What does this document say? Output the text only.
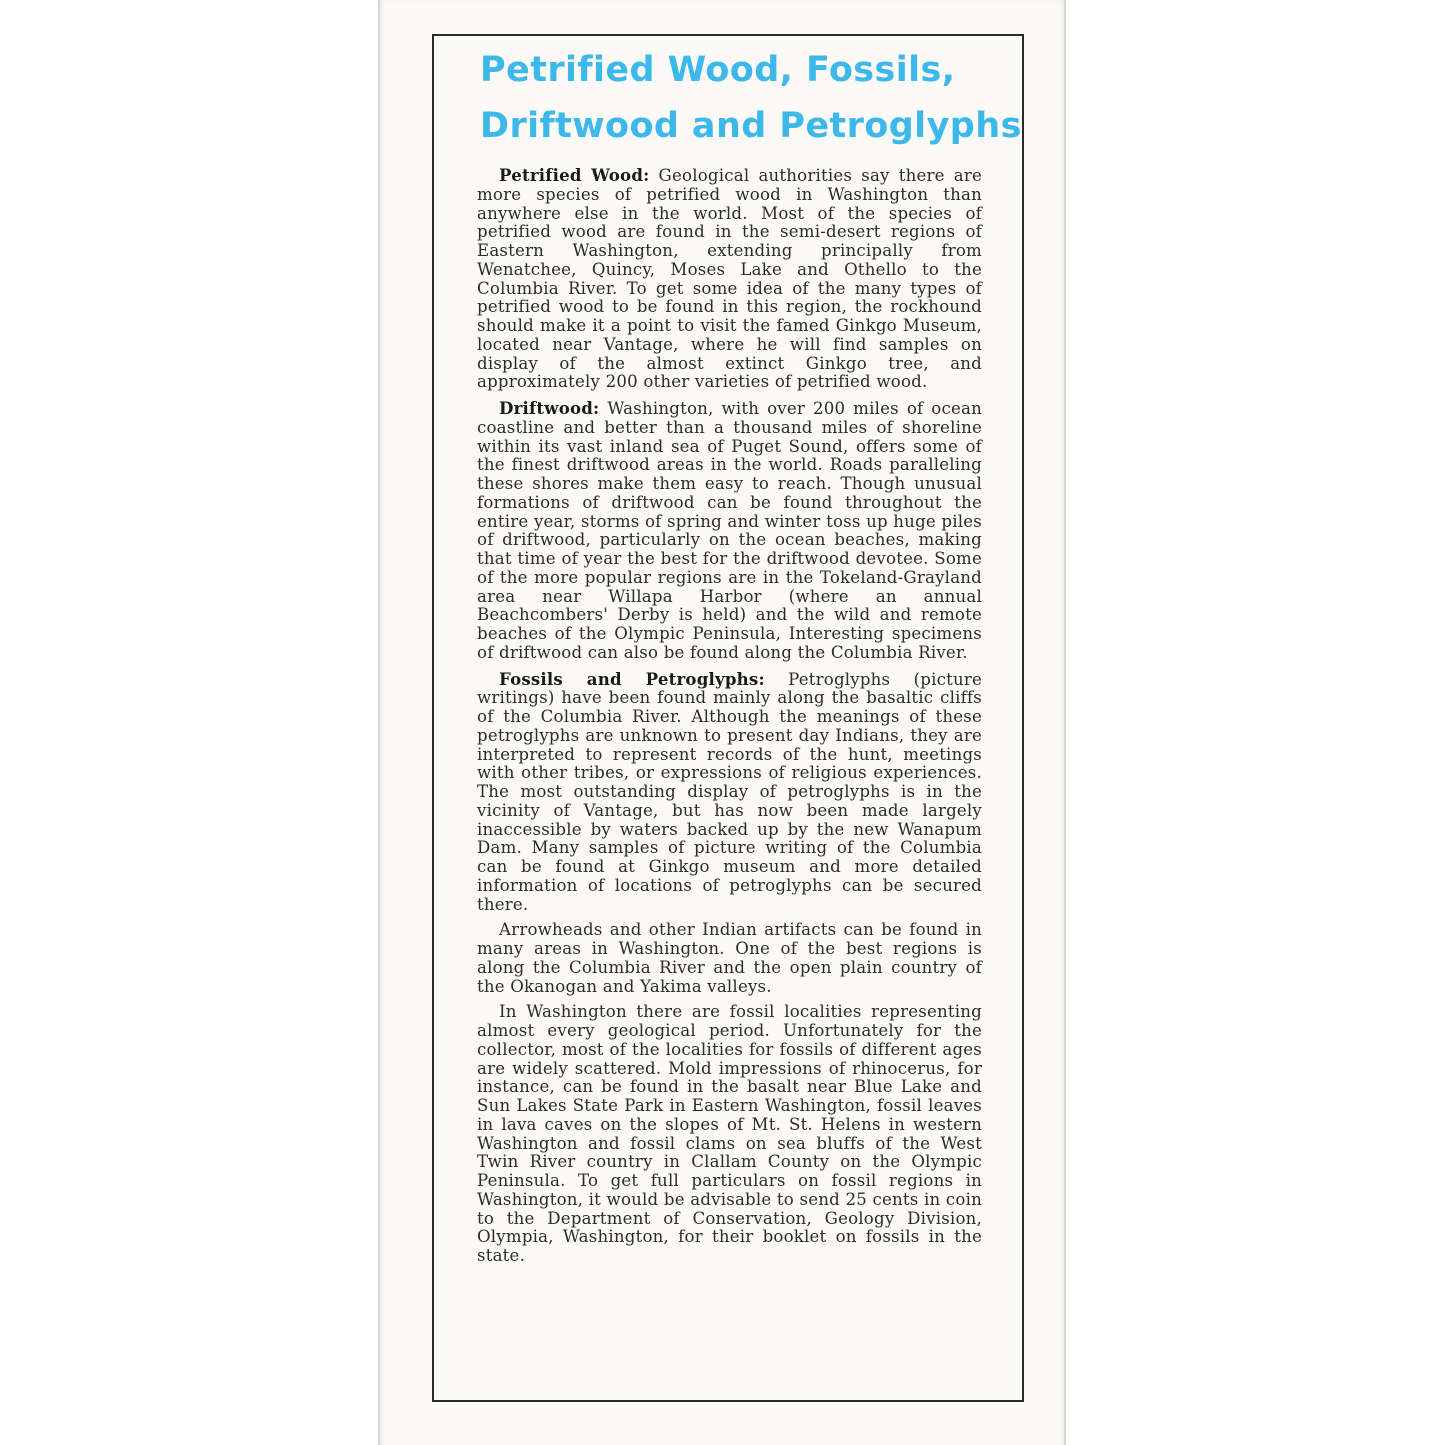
Petrified Wood, Fossils,
Driftwood and Petroglyphs

Petrified Wood: Geological authorities say there are more species of petrified wood in Washington than anywhere else in the world. Most of the species of petrified wood are found in the semi-desert regions of Eastern Washington, extending principally from Wenatchee, Quincy, Moses Lake and Othello to the Columbia River. To get some idea of the many types of petrified wood to be found in this region, the rockhound should make it a point to visit the famed Ginkgo Museum, located near Vantage, where he will find samples on display of the almost extinct Ginkgo tree, and approximately 200 other varieties of petrified wood.

Driftwood: Washington, with over 200 miles of ocean coastline and better than a thousand miles of shoreline within its vast inland sea of Puget Sound, offers some of the finest driftwood areas in the world. Roads paralleling these shores make them easy to reach. Though unusual formations of driftwood can be found throughout the entire year, storms of spring and winter toss up huge piles of driftwood, particularly on the ocean beaches, making that time of year the best for the driftwood devotee. Some of the more popular regions are in the Tokeland-Grayland area near Willapa Harbor (where an annual Beachcombers' Derby is held) and the wild and remote beaches of the Olympic Peninsula, Interesting specimens of driftwood can also be found along the Columbia River.

Fossils and Petroglyphs: Petroglyphs (picture writings) have been found mainly along the basaltic cliffs of the Columbia River. Although the meanings of these petroglyphs are unknown to present day Indians, they are interpreted to represent records of the hunt, meetings with other tribes, or expressions of religious experiences. The most outstanding display of petroglyphs is in the vicinity of Vantage, but has now been made largely inaccessible by waters backed up by the new Wanapum Dam. Many samples of picture writing of the Columbia can be found at Ginkgo museum and more detailed information of locations of petroglyphs can be secured there.

Arrowheads and other Indian artifacts can be found in many areas in Washington. One of the best regions is along the Columbia River and the open plain country of the Okanogan and Yakima valleys.

In Washington there are fossil localities representing almost every geological period. Unfortunately for the collector, most of the localities for fossils of different ages are widely scattered. Mold impressions of rhinocerus, for instance, can be found in the basalt near Blue Lake and Sun Lakes State Park in Eastern Washington, fossil leaves in lava caves on the slopes of Mt. St. Helens in western Washington and fossil clams on sea bluffs of the West Twin River country in Clallam County on the Olympic Peninsula. To get full particulars on fossil regions in Washington, it would be advisable to send 25 cents in coin to the Department of Conservation, Geology Division, Olympia, Washington, for their booklet on fossils in the state.
